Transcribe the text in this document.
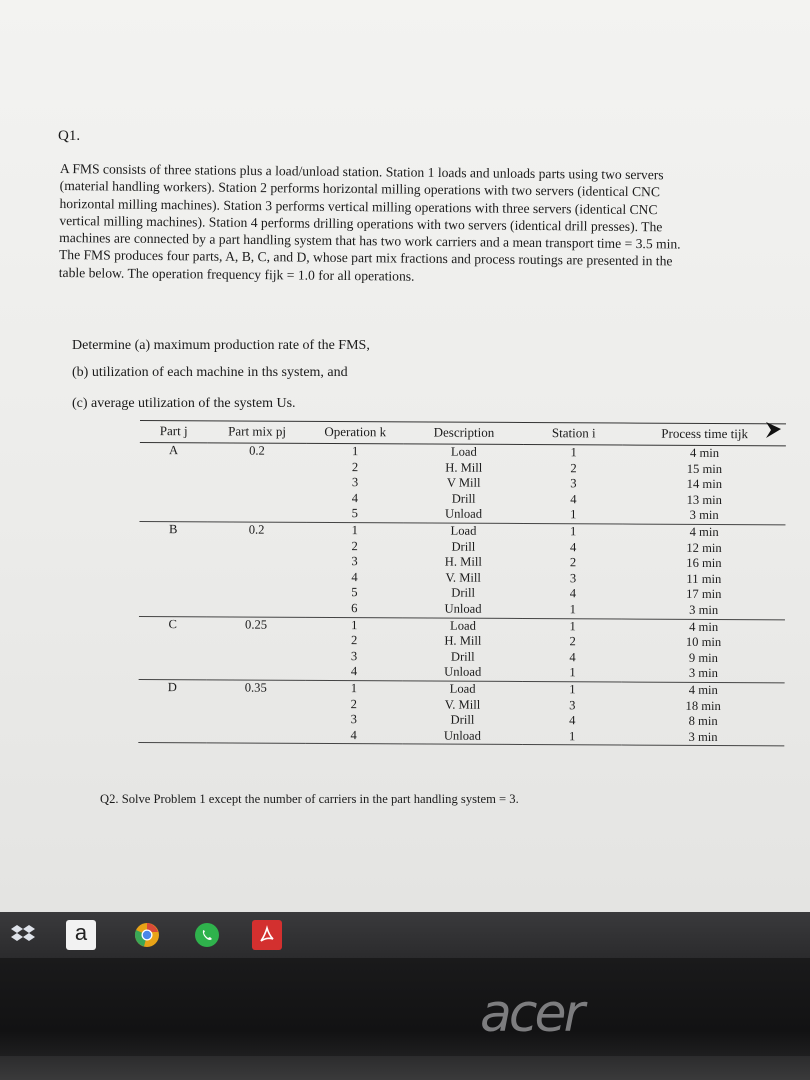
Q1.

A FMS consists of three stations plus a load/unload station. Station 1 loads and unloads parts using two servers

(material handling workers). Station 2 performs horizontal milling operations with two servers (identical CNC

horizontal milling machines). Station 3 performs vertical milling operations with three servers (identical CNC

vertical milling machines). Station 4 performs drilling operations with two servers (identical drill presses). The

machines are connected by a part handling system that has two work carriers and a mean transport time = 3.5 min.

The FMS produces four parts, A, B, C, and D, whose part mix fractions and process routings are presented in the

table below. The operation frequency fijk = 1.0 for all operations.

Determine (a) maximum production rate of the FMS,
(b) utilization of each machine in ths system, and
(c) average utilization of the system Us.
Part j	Part mix pj	Operation k	Description	Station i	Process time tijk
A	0.2	1	Load	1	4 min
		2	H. Mill	2	15 min
		3	V Mill	3	14 min
		4	Drill	4	13 min
		5	Unload	1	3 min
B	0.2	1	Load	1	4 min
		2	Drill	4	12 min
		3	H. Mill	2	16 min
		4	V. Mill	3	11 min
		5	Drill	4	17 min
		6	Unload	1	3 min
C	0.25	1	Load	1	4 min
		2	H. Mill	2	10 min
		3	Drill	4	9 min
		4	Unload	1	3 min
D	0.35	1	Load	1	4 min
		2	V. Mill	3	18 min
		3	Drill	4	8 min
		4	Unload	1	3 min
Q2. Solve Problem 1 except the number of carriers in the part handling system = 3.
a
acer
